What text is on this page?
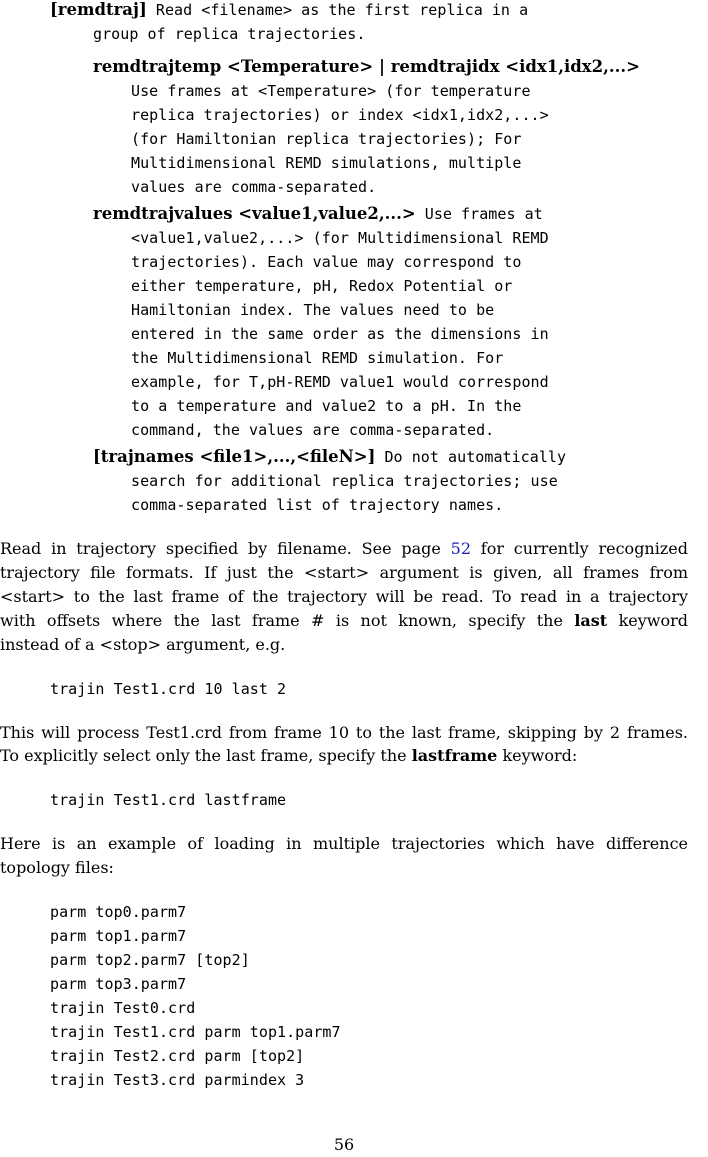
[remdtraj] Read <filename> as the first replica in a
group of replica trajectories.
remdtrajtemp <Temperature> | remdtrajidx <idx1,idx2,...>
Use frames at <Temperature> (for temperature
replica trajectories) or index <idx1,idx2,...>
(for Hamiltonian replica trajectories); For
Multidimensional REMD simulations, multiple
values are comma-separated.
remdtrajvalues <value1,value2,...> Use frames at
<value1,value2,...> (for Multidimensional REMD
trajectories). Each value may correspond to
either temperature, pH, Redox Potential or
Hamiltonian index. The values need to be
entered in the same order as the dimensions in
the Multidimensional REMD simulation. For
example, for T,pH-REMD value1 would correspond
to a temperature and value2 to a pH. In the
command, the values are comma-separated.
[trajnames <file1>,...,<fileN>] Do not automatically
search for additional replica trajectories; use
comma-separated list of trajectory names.
Read in trajectory specified by filename. See page 52 for currently recognized
trajectory file formats. If just the <start> argument is given, all frames from
<start> to the last frame of the trajectory will be read. To read in a trajectory
with offsets where the last frame # is not known, specify the last keyword
instead of a <stop> argument, e.g.
trajin Test1.crd 10 last 2
This will process Test1.crd from frame 10 to the last frame, skipping by 2 frames.
To explicitly select only the last frame, specify the lastframe keyword:
trajin Test1.crd lastframe
Here is an example of loading in multiple trajectories which have difference
topology files:
parm top0.parm7
parm top1.parm7
parm top2.parm7 [top2]
parm top3.parm7
trajin Test0.crd
trajin Test1.crd parm top1.parm7
trajin Test2.crd parm [top2]
trajin Test3.crd parmindex 3
56
